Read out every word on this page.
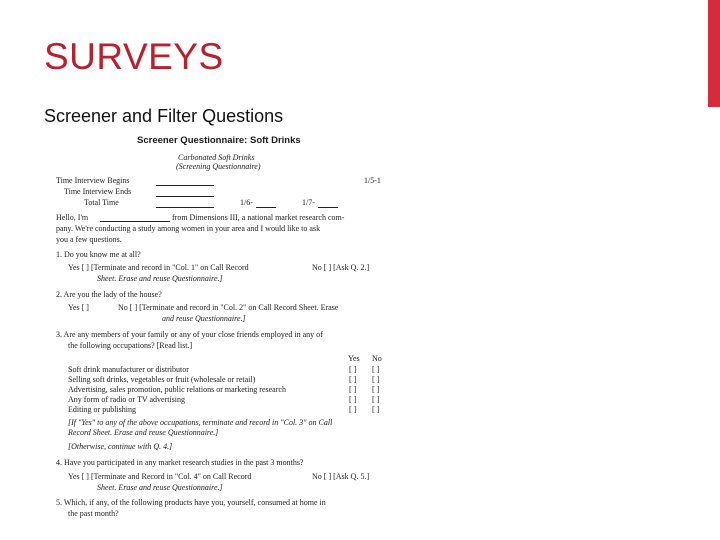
SURVEYS
Screener and Filter Questions
Screener Questionnaire: Soft Drinks
Carbonated Soft Drinks
(Screening Questionnaire)
Time Interview Begins	1/5-1
Time Interview Ends
Total Time	1/6-	1/7-
Hello, I'm	from Dimensions III, a national market research com-
pany. We're conducting a study among women in your area and I would like to ask
you a few questions.
1. Do you know me at all?
Yes [ ] [Terminate and record in "Col. 1" on Call Record
Sheet. Erase and reuse Questionnaire.]
No [ ] [Ask Q. 2.]
2. Are you the lady of the house?
Yes [ ]	No [ ] [Terminate and record in "Col. 2" on Call Record Sheet. Erase
and reuse Questionnaire.]
3. Are any members of your family or any of your close friends employed in any of
the following occupations? [Read list.]
Yes No
Soft drink manufacturer or distributor	[ ] [ ]
Selling soft drinks, vegetables or fruit (wholesale or retail)	[ ] [ ]
Advertising, sales promotion, public relations or marketing research	[ ] [ ]
Any form of radio or TV advertising	[ ] [ ]
Editing or publishing	[ ] [ ]
[If "Yes" to any of the above occupations, terminate and record in "Col. 3" on Call
Record Sheet. Erase and reuse Questionnaire.]
[Otherwise, continue with Q. 4.]
4. Have you participated in any market research studies in the past 3 months?
Yes [ ] [Terminate and Record in "Col. 4" on Call Record
Sheet. Erase and reuse Questionnaire.]
No [ ] [Ask Q. 5.]
5. Which, if any, of the following products have you, yourself, consumed at home in
the past month?
